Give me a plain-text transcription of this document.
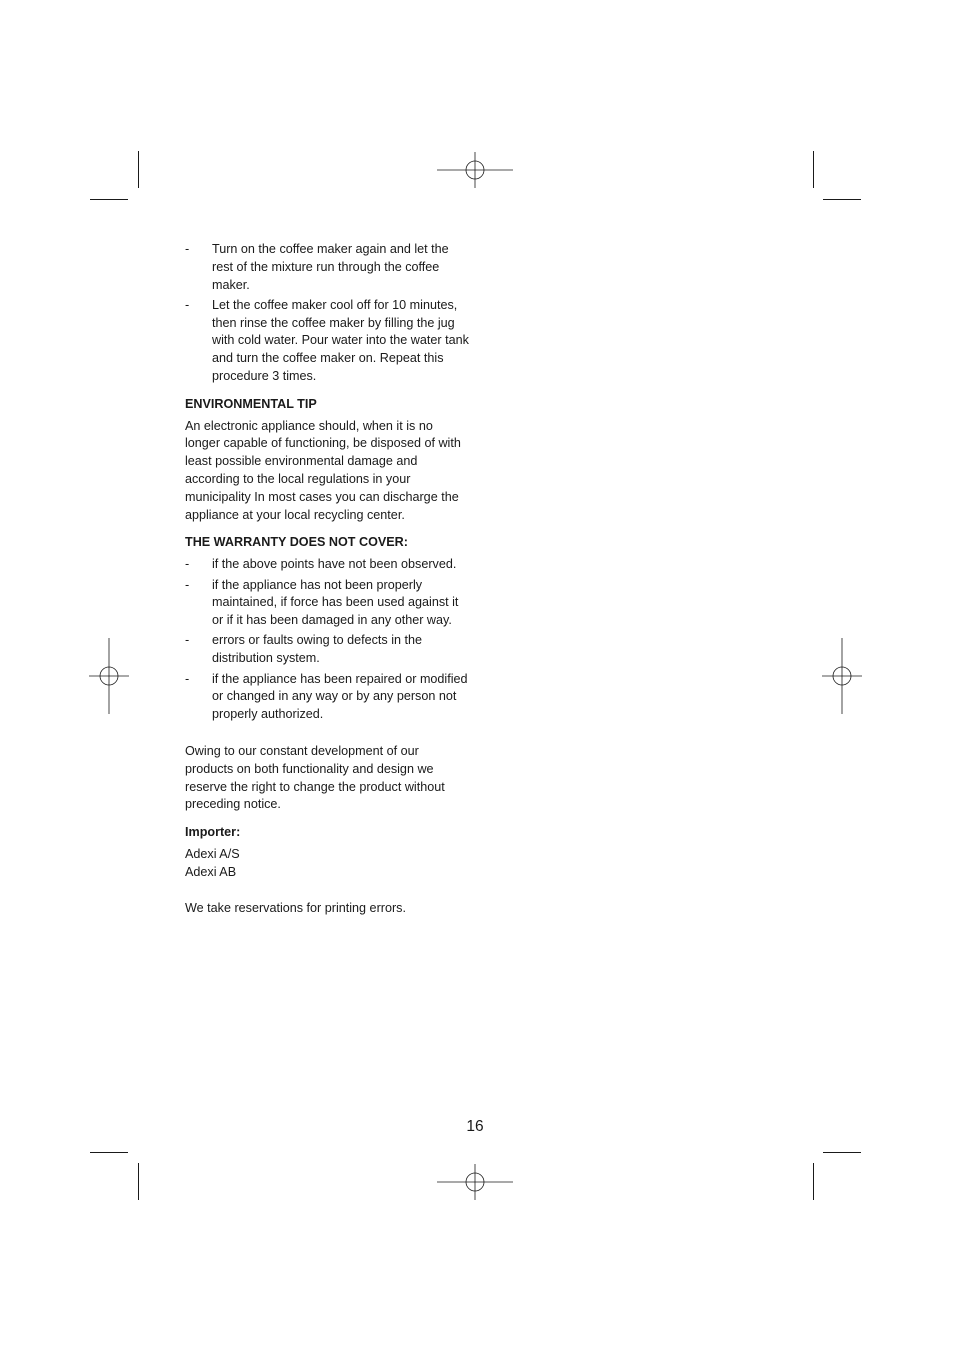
- Turn on the coffee maker again and let the rest of the mixture run through the coffee maker.
- Let the coffee maker cool off for 10 minutes, then rinse the coffee maker by filling the jug with cold water. Pour water into the water tank and turn the coffee maker on. Repeat this procedure 3 times.

ENVIRONMENTAL TIP

An electronic appliance should, when it is no longer capable of functioning, be disposed of with least possible environmental damage and according to the local regulations in your municipality In most cases you can discharge the appliance at your local recycling center.

THE WARRANTY DOES NOT COVER:

- if the above points have not been observed.
- if the appliance has not been properly maintained, if force has been used against it or if it has been damaged in any other way.
- errors or faults owing to defects in the distribution system.
- if the appliance has been repaired or modified or changed in any way or by any person not properly authorized.

Owing to our constant development of our products on both functionality and design we reserve the right to change the product without preceding notice.

Importer:

Adexi A/S

Adexi AB

We take reservations for printing errors.

16
